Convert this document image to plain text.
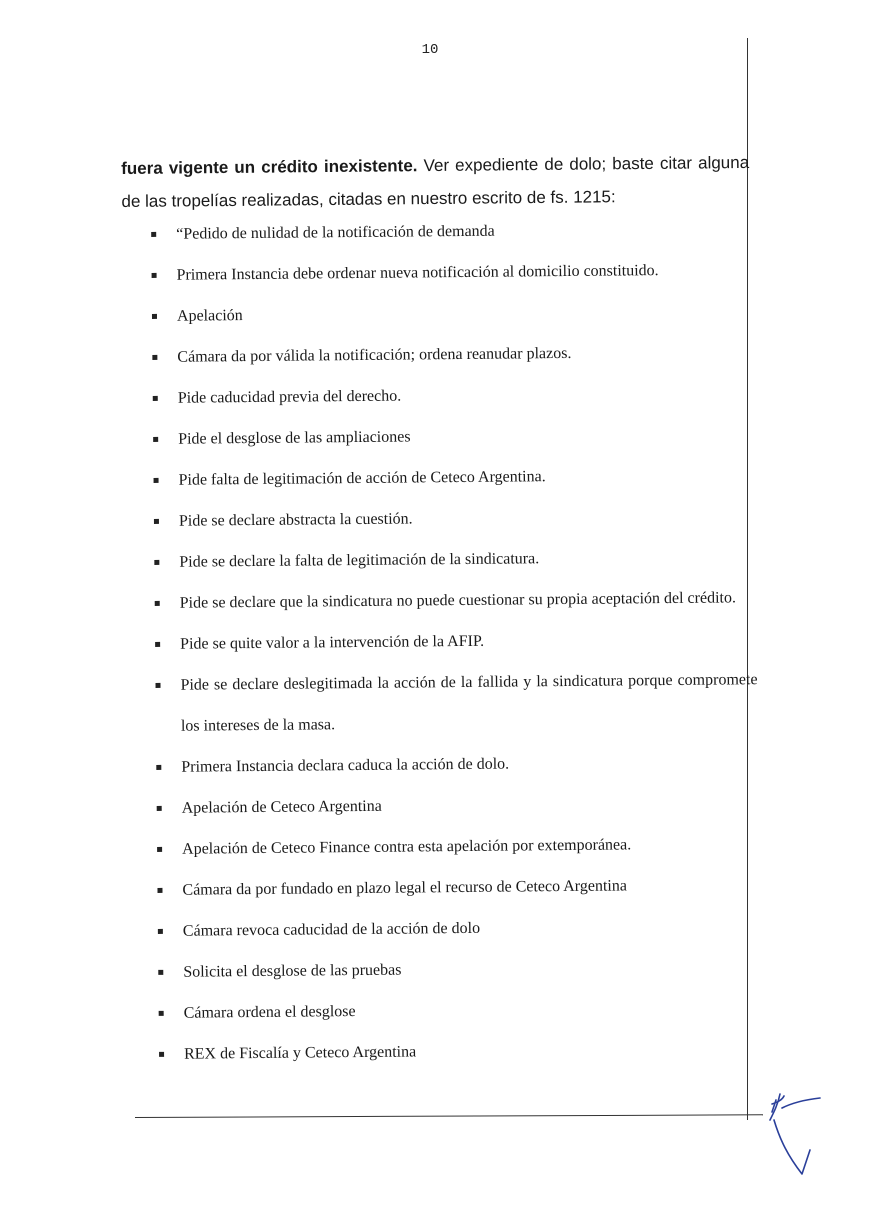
10
fuera vigente un crédito inexistente. Ver expediente de dolo; baste citar alguna de las tropelías realizadas, citadas en nuestro escrito de fs. 1215:
“Pedido de nulidad de la notificación de demanda
Primera Instancia debe ordenar nueva notificación al domicilio constituido.
Apelación
Cámara da por válida la notificación; ordena reanudar plazos.
Pide caducidad previa del derecho.
Pide el desglose de las ampliaciones
Pide falta de legitimación de acción de Ceteco Argentina.
Pide se declare abstracta la cuestión.
Pide se declare la falta de legitimación de la sindicatura.
Pide se declare que la sindicatura no puede cuestionar su propia aceptación del crédito.
Pide se quite valor a la intervención de la AFIP.
Pide se declare deslegitimada la acción de la fallida y la sindicatura porque compromete los intereses de la masa.
Primera Instancia declara caduca la acción de dolo.
Apelación de Ceteco Argentina
Apelación de Ceteco Finance contra esta apelación por extemporánea.
Cámara da por fundado en plazo legal el recurso de Ceteco Argentina
Cámara revoca caducidad de la acción de dolo
Solicita el desglose de las pruebas
Cámara ordena el desglose
REX de Fiscalía y Ceteco Argentina
